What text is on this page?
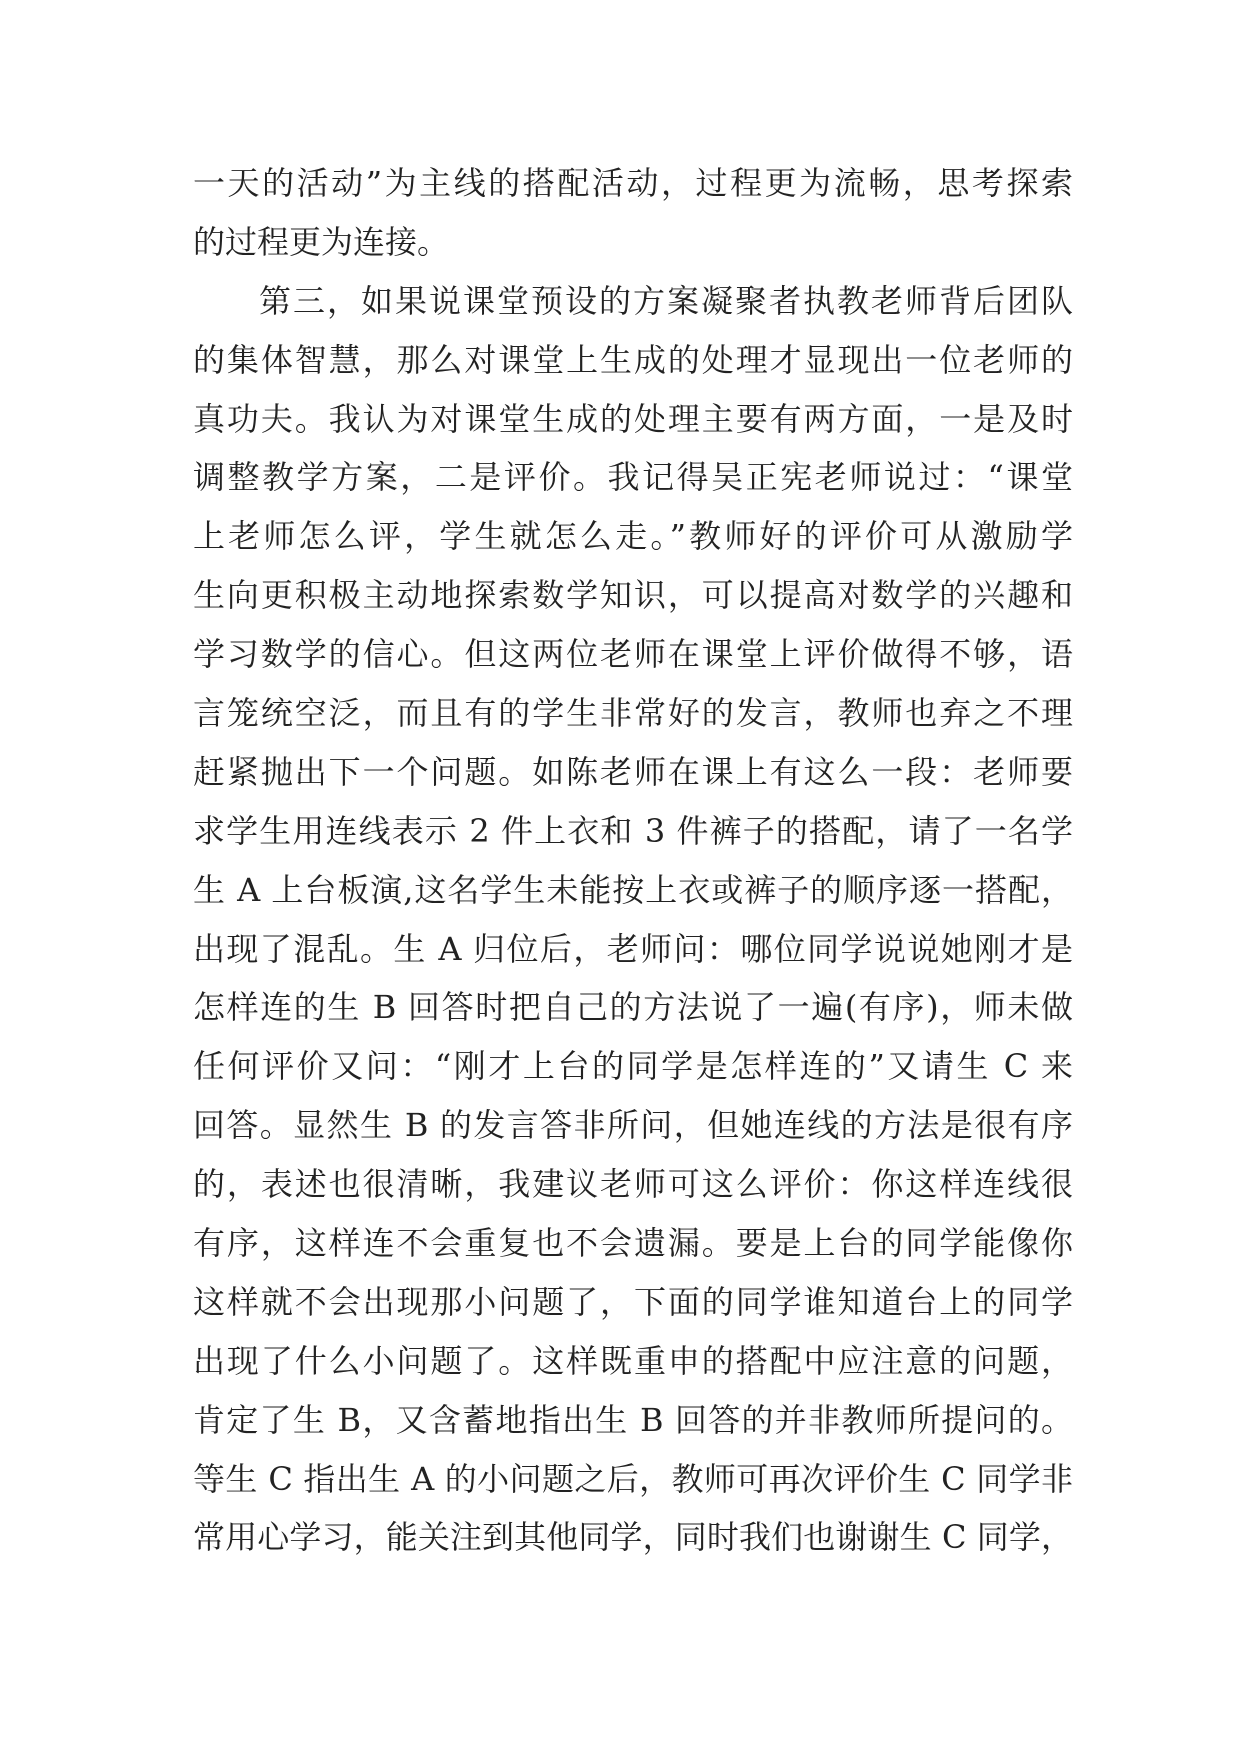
一天的活动”为主线的搭配活动，过程更为流畅，思考探索
的过程更为连接。
第三，如果说课堂预设的方案凝聚者执教老师背后团队
的集体智慧，那么对课堂上生成的处理才显现出一位老师的
真功夫。我认为对课堂生成的处理主要有两方面，一是及时
调整教学方案，二是评价。我记得吴正宪老师说过：“课堂
上老师怎么评，学生就怎么走。”教师好的评价可从激励学
生向更积极主动地探索数学知识，可以提高对数学的兴趣和
学习数学的信心。但这两位老师在课堂上评价做得不够，语
言笼统空泛，而且有的学生非常好的发言，教师也弃之不理
赶紧抛出下一个问题。如陈老师在课上有这么一段：老师要
求学生用连线表示 2 件上衣和 3 件裤子的搭配，请了一名学
生 A 上台板演,这名学生未能按上衣或裤子的顺序逐一搭配，
出现了混乱。生 A 归位后，老师问：哪位同学说说她刚才是
怎样连的生 B 回答时把自己的方法说了一遍(有序)，师未做
任何评价又问：“刚才上台的同学是怎样连的”又请生 C 来
回答。显然生 B 的发言答非所问，但她连线的方法是很有序
的，表述也很清晰，我建议老师可这么评价：你这样连线很
有序，这样连不会重复也不会遗漏。要是上台的同学能像你
这样就不会出现那小问题了，下面的同学谁知道台上的同学
出现了什么小问题了。这样既重申的搭配中应注意的问题，
肯定了生 B，又含蓄地指出生 B 回答的并非教师所提问的。
等生 C 指出生 A 的小问题之后，教师可再次评价生 C 同学非
常用心学习，能关注到其他同学，同时我们也谢谢生 C 同学，
